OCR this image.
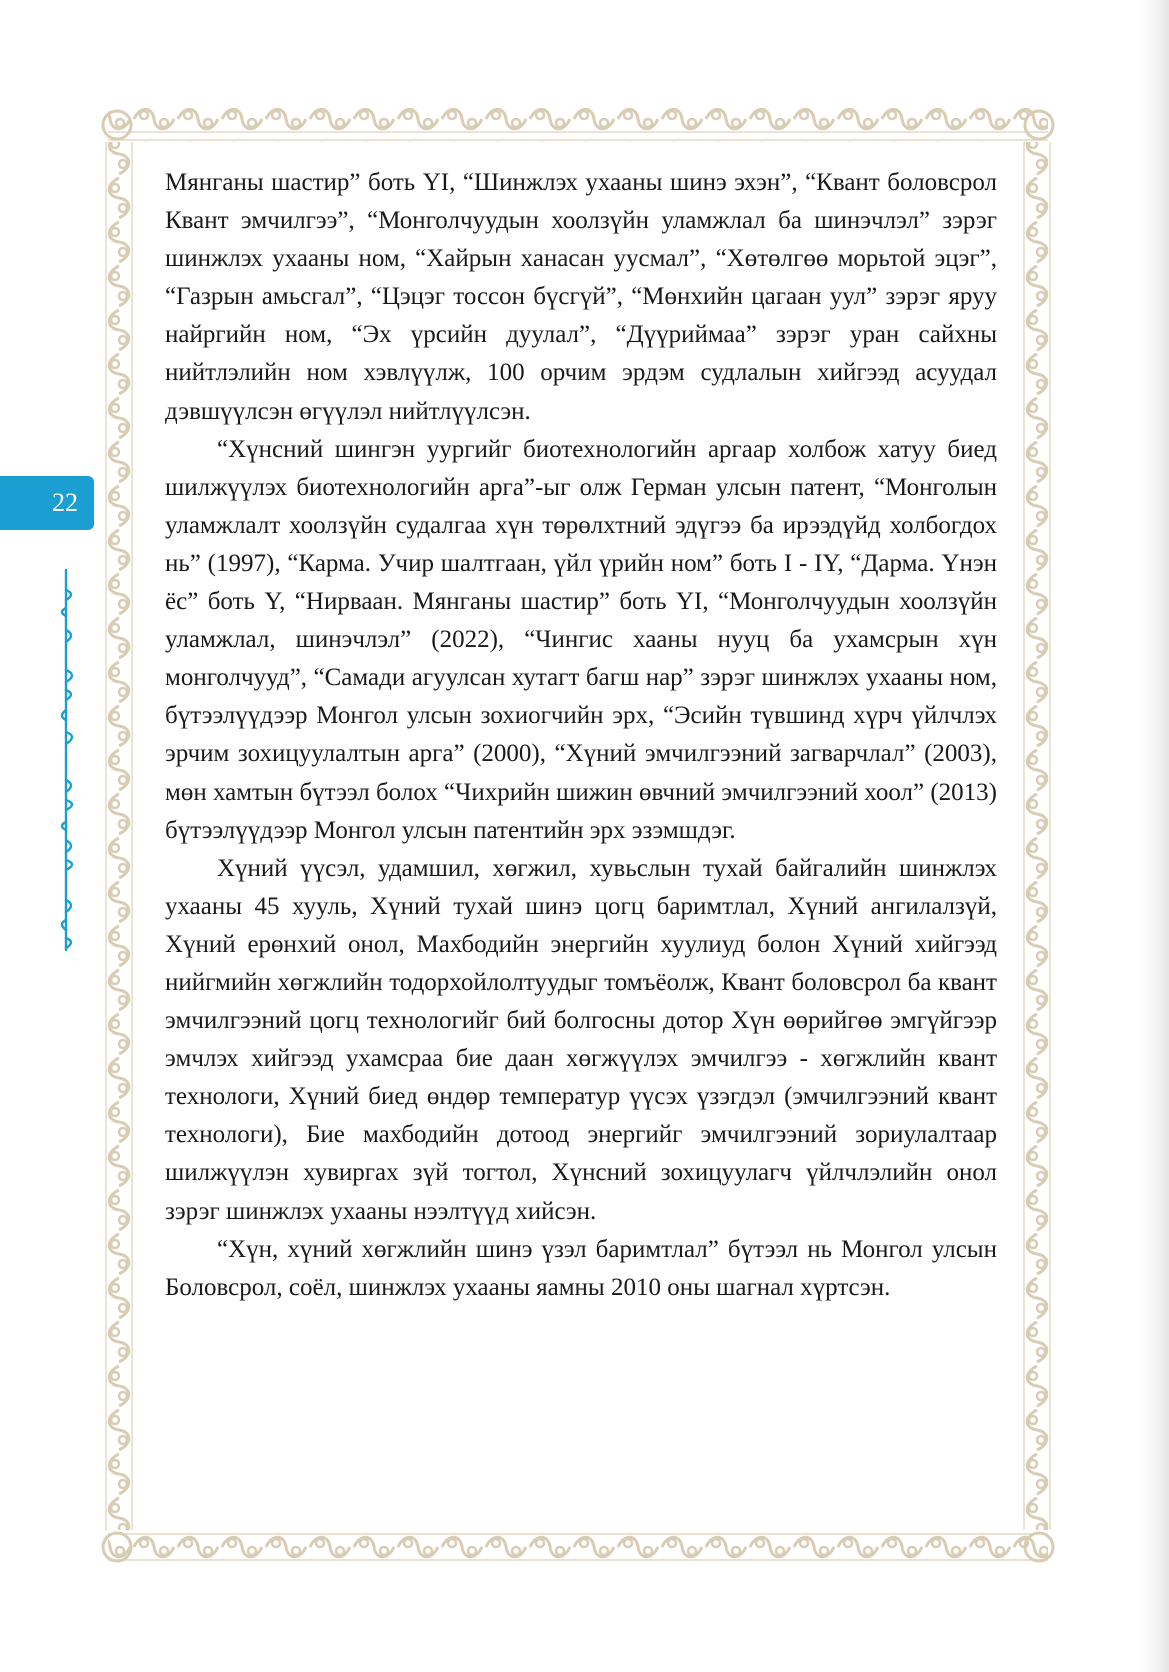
22

Мянганы шастир” боть YI, “Шинжлэх ухааны шинэ эхэн”, “Квант боловсрол Квант эмчилгээ”, “Монголчуудын хоолзүйн уламжлал ба шинэчлэл” зэрэг шинжлэх ухааны ном, “Хайрын ханасан уусмал”, “Хөтөлгөө морьтой эцэг”, “Газрын амьсгал”, “Цэцэг тоссон бүсгүй”, “Мөнхийн цагаан уул” зэрэг яруу найргийн ном, “Эх үрсийн дуулал”, “Дүүриймаа” зэрэг уран сайхны нийтлэлийн ном хэвлүүлж, 100 орчим эрдэм судлалын хийгээд асуудал дэвшүүлсэн өгүүлэл нийтлүүлсэн.

“Хүнсний шингэн уургийг биотехнологийн аргаар холбож хатуу биед шилжүүлэх биотехнологийн арга”-ыг олж Герман улсын патент, “Монголын уламжлалт хоолзүйн судалгаа хүн төрөлхтний эдүгээ ба ирээдүйд холбогдох нь” (1997), “Карма. Учир шалтгаан, үйл үрийн ном” боть I - IY, “Дарма. Үнэн ёс” боть Y, “Нирваан. Мянганы шастир” боть YI, “Монголчуудын хоолзүйн уламжлал, шинэчлэл” (2022), “Чингис хааны нууц ба ухамсрын хүн монголчууд”, “Самади агуулсан хутагт багш нар” зэрэг шинжлэх ухааны ном, бүтээлүүдээр Монгол улсын зохиогчийн эрх, “Эсийн түвшинд хүрч үйлчлэх эрчим зохицуулалтын арга” (2000), “Хүний эмчилгээний загварчлал” (2003), мөн хамтын бүтээл болох “Чихрийн шижин өвчний эмчилгээний хоол” (2013) бүтээлүүдээр Монгол улсын патентийн эрх эзэмшдэг.

Хүний үүсэл, удамшил, хөгжил, хувьслын тухай байгалийн шинжлэх ухааны 45 хууль, Хүний тухай шинэ цогц баримтлал, Хүний ангилалзүй, Хүний ерөнхий онол, Махбодийн энергийн хуулиуд болон Хүний хийгээд нийгмийн хөгжлийн тодорхойлолтуудыг томъёолж, Квант боловсрол ба квант эмчилгээний цогц технологийг бий болгосны дотор Хүн өөрийгөө эмгүйгээр эмчлэх хийгээд ухамсраа бие даан хөгжүүлэх эмчилгээ - хөгжлийн квант технологи, Хүний биед өндөр температур үүсэх үзэгдэл (эмчилгээний квант технологи), Бие махбодийн дотоод энергийг эмчилгээний зориулалтаар шилжүүлэн хувиргах зүй тогтол, Хүнсний зохицуулагч үйлчлэлийн онол зэрэг шинжлэх ухааны нээлтүүд хийсэн.

“Хүн, хүний хөгжлийн шинэ үзэл баримтлал” бүтээл нь Монгол улсын Боловсрол, соёл, шинжлэх ухааны яамны 2010 оны шагнал хүртсэн.
